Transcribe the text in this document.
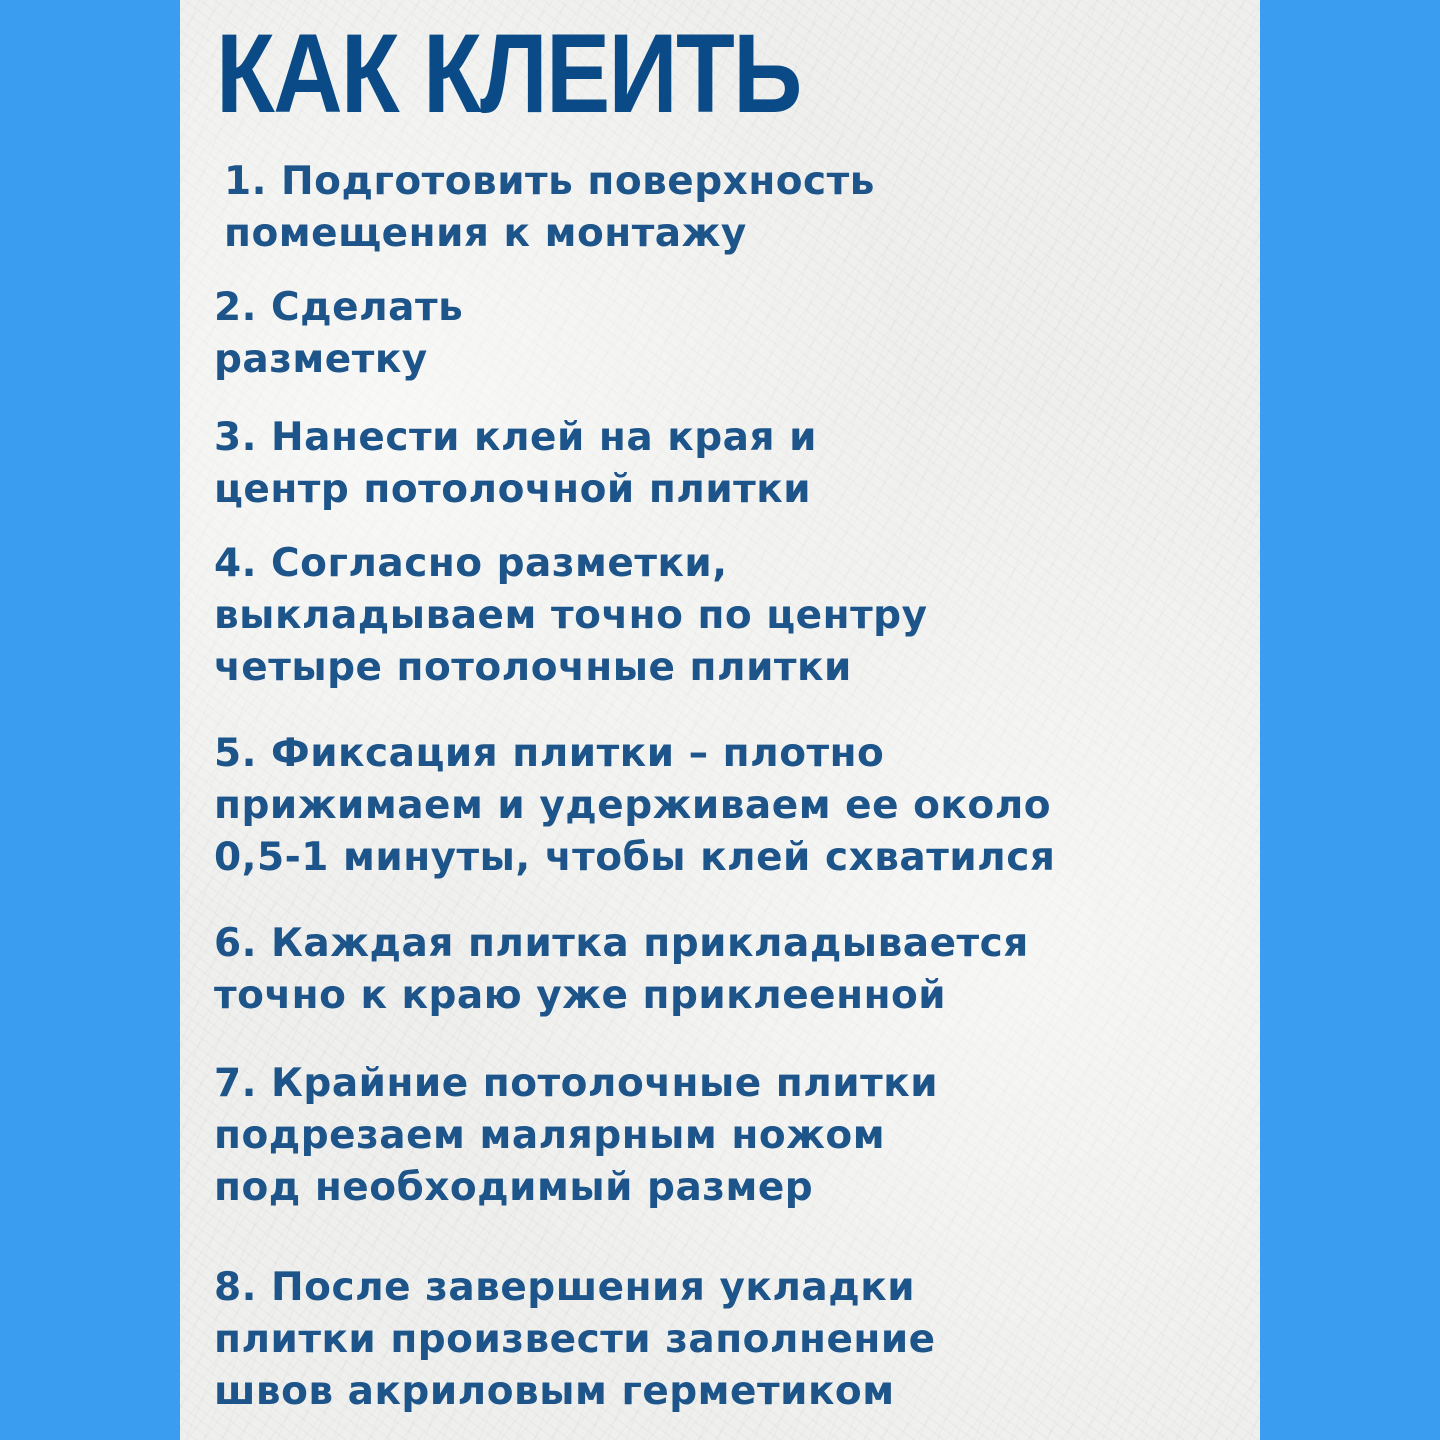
КАК КЛЕИТЬ

1. Подготовить поверхность
помещения к монтажу

2. Сделать
разметку

3. Нанести клей на края и
центр потолочной плитки

4. Согласно разметки,
выкладываем точно по центру
четыре потолочные плитки

5. Фиксация плитки – плотно
прижимаем и удерживаем ее около
0,5-1 минуты, чтобы клей схватился

6. Каждая плитка прикладывается
точно к краю уже приклеенной

7. Крайние потолочные плитки
подрезаем малярным ножом
под необходимый размер

8. После завершения укладки
плитки произвести заполнение
швов акриловым герметиком
